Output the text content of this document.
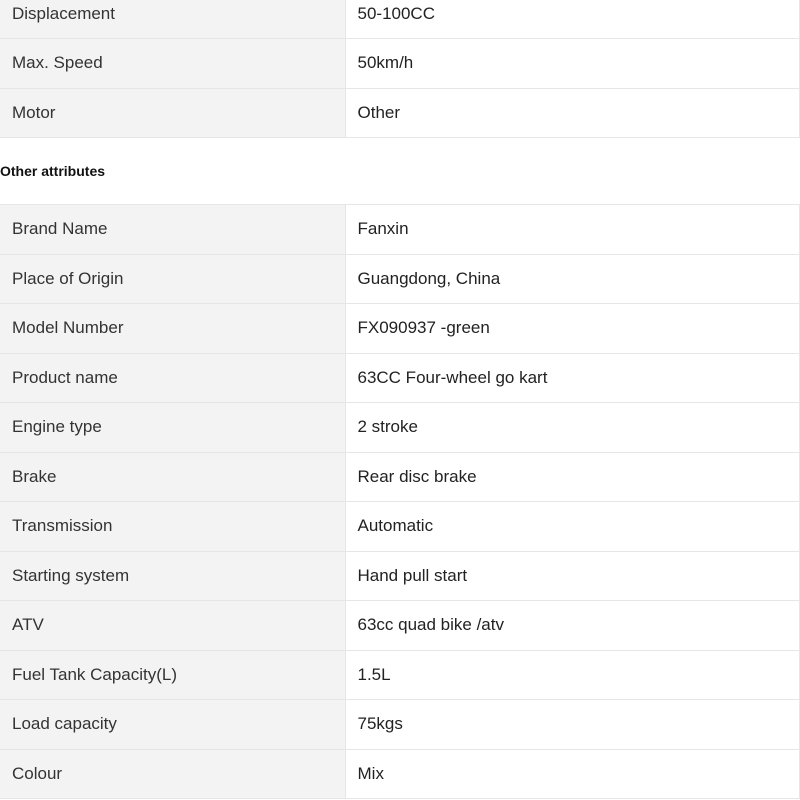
Displacement	50-100CC
Max. Speed	50km/h
Motor	Other
Other attributes
Brand Name	Fanxin
Place of Origin	Guangdong, China
Model Number	FX090937 -green
Product name	63CC Four-wheel go kart
Engine type	2 stroke
Brake	Rear disc brake
Transmission	Automatic
Starting system	Hand pull start
ATV	63cc quad bike /atv
Fuel Tank Capacity(L)	1.5L
Load capacity	75kgs
Colour	Mix
